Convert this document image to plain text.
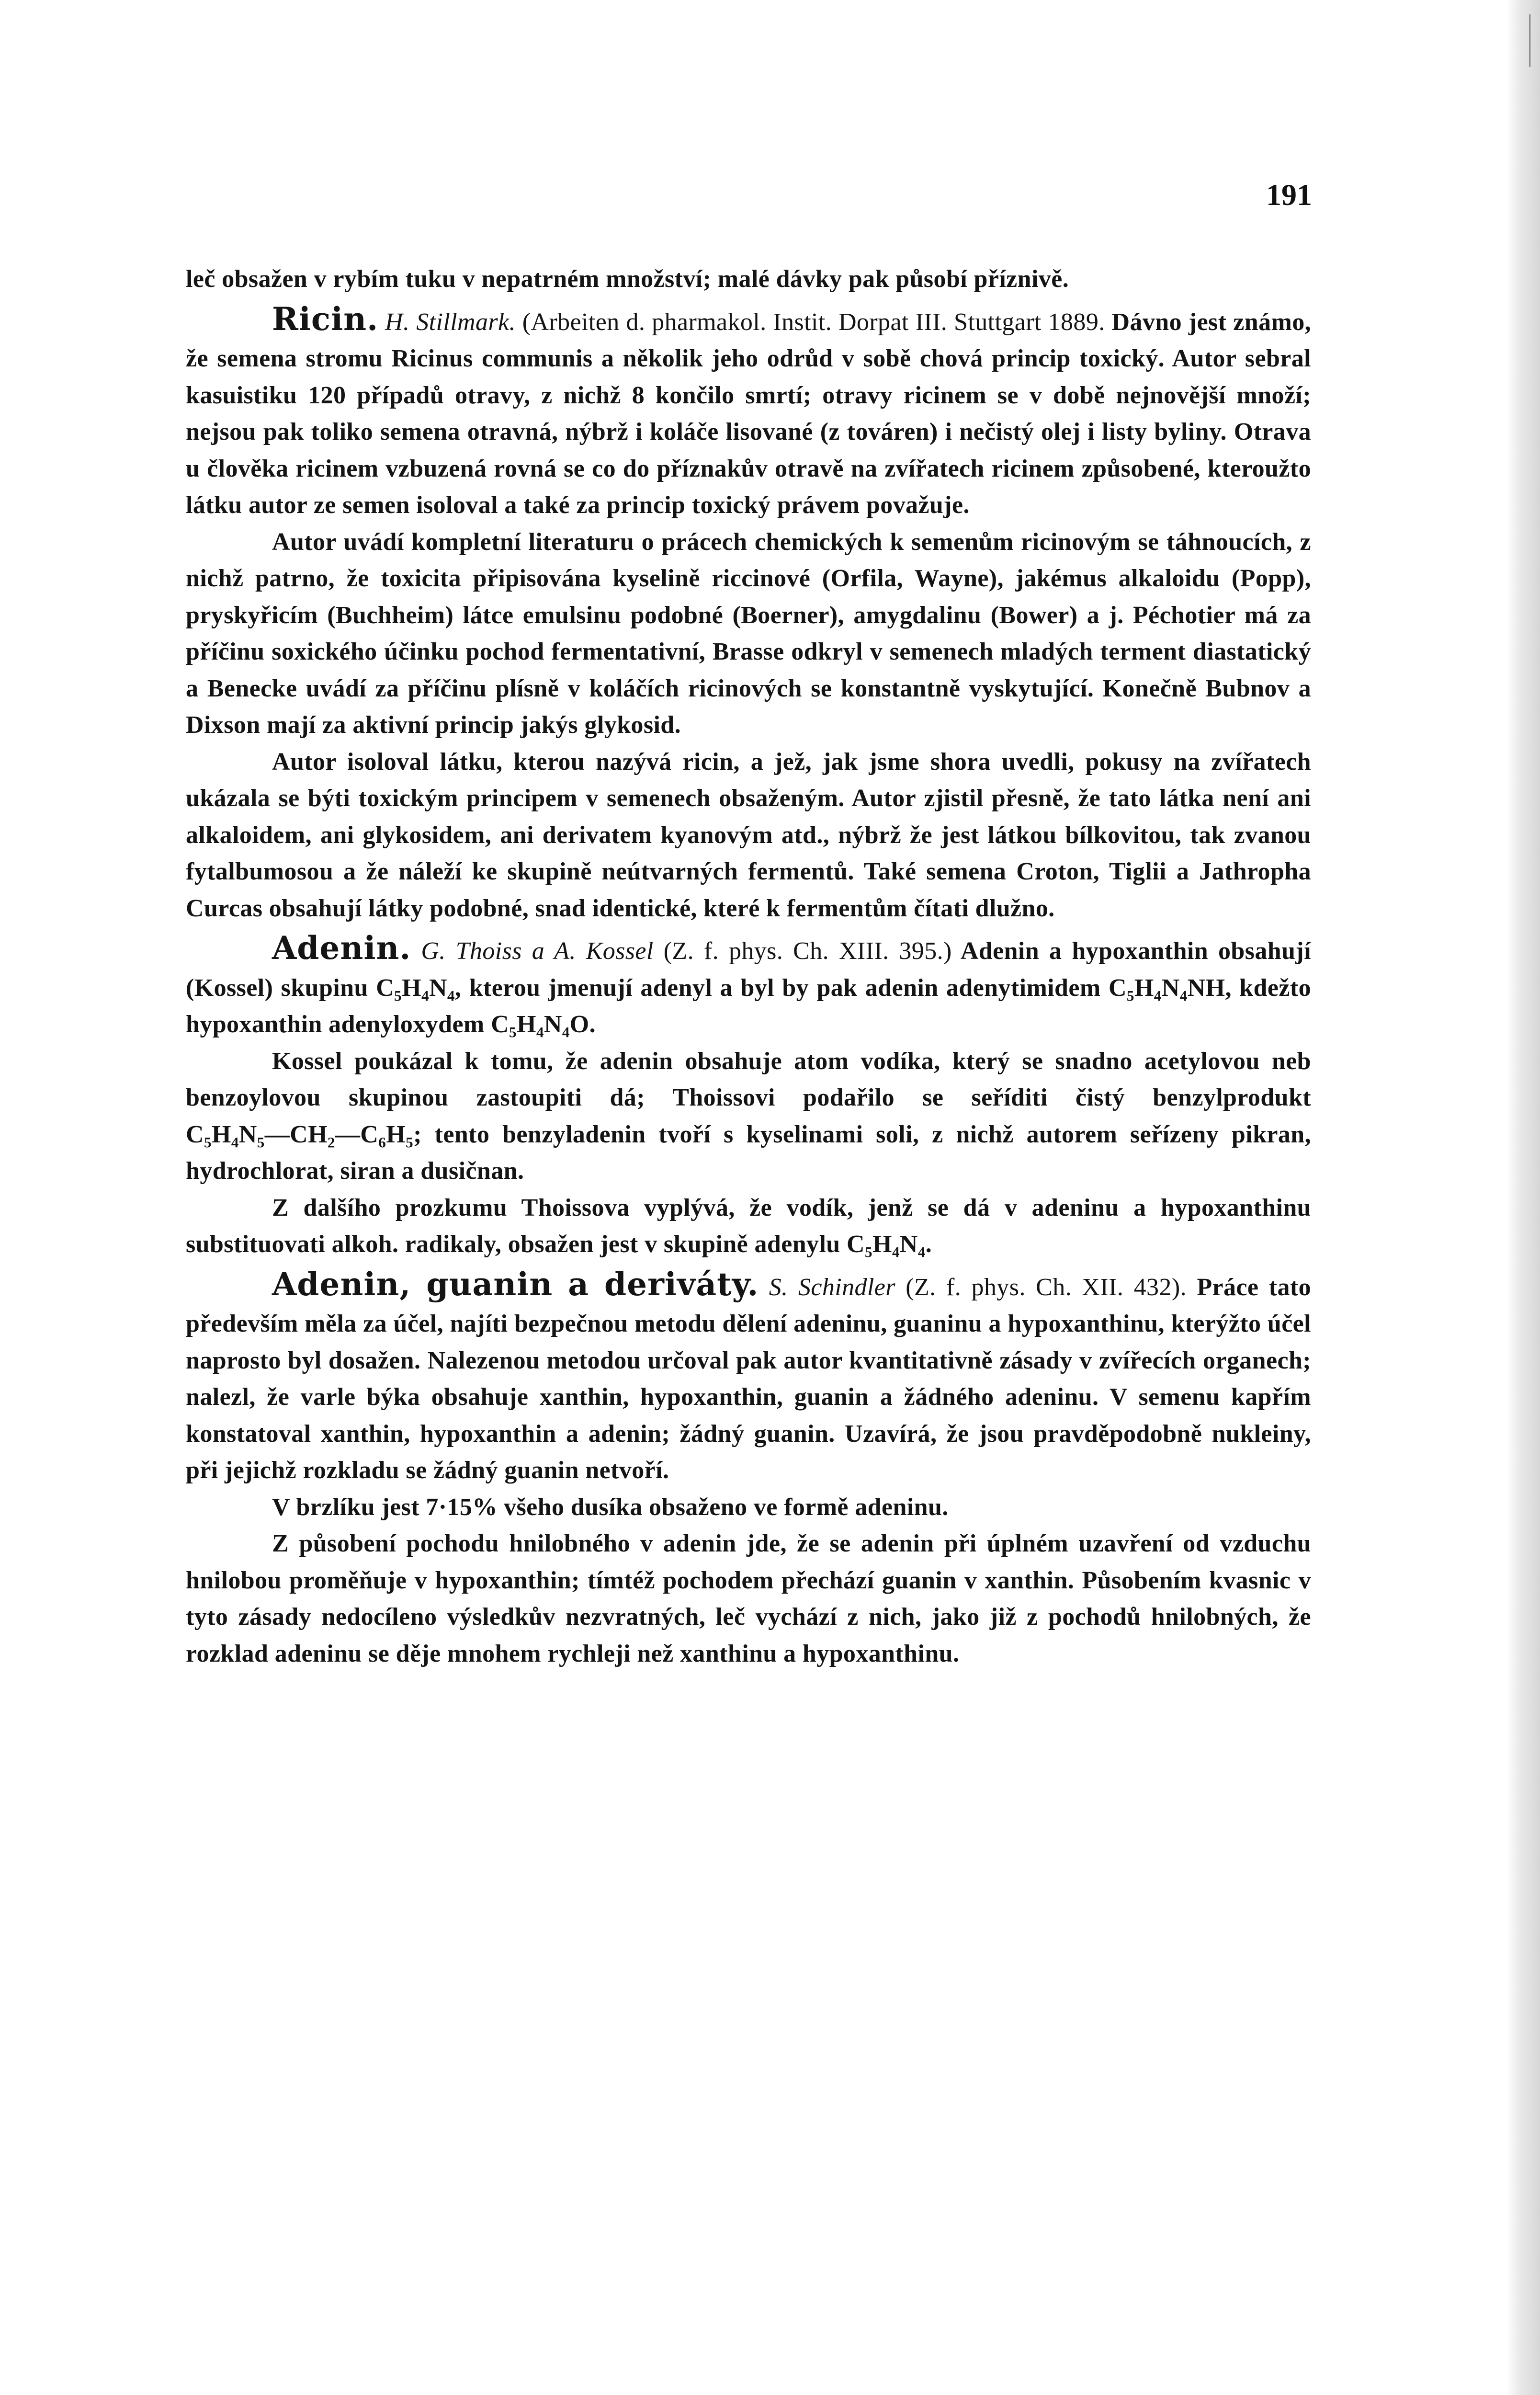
191

leč obsažen v rybím tuku v nepatrném množství; malé dávky pak působí příznivě.

Ricin. H. Stillmark. (Arbeiten d. pharmakol. Instit. Dorpat III. Stuttgart 1889. Dávno jest známo, že semena stromu Ricinus communis a několik jeho odrůd v sobě chová princip toxický. Autor sebral kasuistiku 120 případů otravy, z nichž 8 končilo smrtí; otravy ricinem se v době nejnovější množí; nejsou pak toliko semena otravná, nýbrž i koláče lisované (z továren) i nečistý olej i listy byliny. Otrava u člověka ricinem vzbuzená rovná se co do příznakův otravě na zvířatech ricinem způsobené, kteroužto látku autor ze semen isoloval a také za princip toxický právem považuje.

Autor uvádí kompletní literaturu o prácech chemických k semenům ricinovým se táhnoucích, z nichž patrno, že toxicita připisována kyselině riccinové (Orfila, Wayne), jakémus alkaloidu (Popp), pryskyřicím (Buchheim) látce emulsinu podobné (Boerner), amygdalinu (Bower) a j. Péchotier má za příčinu soxického účinku pochod fermentativní, Brasse odkryl v semenech mladých terment diastatický a Benecke uvádí za příčinu plísně v koláčích ricinových se konstantně vyskytující. Konečně Bubnov a Dixson mají za aktivní princip jakýs glykosid.

Autor isoloval látku, kterou nazývá ricin, a jež, jak jsme shora uvedli, pokusy na zvířatech ukázala se býti toxickým principem v semenech obsaženým. Autor zjistil přesně, že tato látka není ani alkaloidem, ani glykosidem, ani derivatem kyanovým atd., nýbrž že jest látkou bílkovitou, tak zvanou fytalbumosou a že náleží ke skupině neútvarných fermentů. Také semena Croton, Tiglii a Jathropha Curcas obsahují látky podobné, snad identické, které k fermentům čítati dlužno.

Adenin. G. Thoiss a A. Kossel (Z. f. phys. Ch. XIII. 395.) Adenin a hypoxanthin obsahují (Kossel) skupinu C₅H₄N₄, kterou jmenují adenyl a byl by pak adenin adenytimidem C₅H₄N₄NH, kdežto hypoxanthin adenyloxydem C₅H₄N₄O.

Kossel poukázal k tomu, že adenin obsahuje atom vodíka, který se snadno acetylovou neb benzoylovou skupinou zastoupiti dá; Thoissovi podařilo se seříditi čistý benzylprodukt C₅H₄N₅—CH₂—C₆H₅; tento benzyladenin tvoří s kyselinami soli, z nichž autorem seřízeny pikran, hydrochlorat, siran a dusičnan.

Z dalšího prozkumu Thoissova vyplývá, že vodík, jenž se dá v adeninu a hypoxanthinu substituovati alkoh. radikaly, obsažen jest v skupině adenylu C₅H₄N₄.

Adenin, guanin a deriváty. S. Schindler (Z. f. phys. Ch. XII. 432). Práce tato především měla za účel, najíti bezpečnou metodu dělení adeninu, guaninu a hypoxanthinu, kterýžto účel naprosto byl dosažen. Nalezenou metodou určoval pak autor kvantitativně zásady v zvířecích organech; nalezl, že varle býka obsahuje xanthin, hypoxanthin, guanin a žádného adeninu. V semenu kapřím konstatoval xanthin, hypoxanthin a adenin; žádný guanin. Uzavírá, že jsou pravděpodobně nukleiny, při jejichž rozkladu se žádný guanin netvoří.

V brzlíku jest 7·15% všeho dusíka obsaženo ve formě adeninu.

Z působení pochodu hnilobného v adenin jde, že se adenin při úplném uzavření od vzduchu hnilobou proměňuje v hypoxanthin; tímtéž pochodem přechází guanin v xanthin. Působením kvasnic v tyto zásady nedocíleno výsledkův nezvratných, leč vychází z nich, jako již z pochodů hnilobných, že rozklad adeninu se děje mnohem rychleji než xanthinu a hypoxanthinu.
